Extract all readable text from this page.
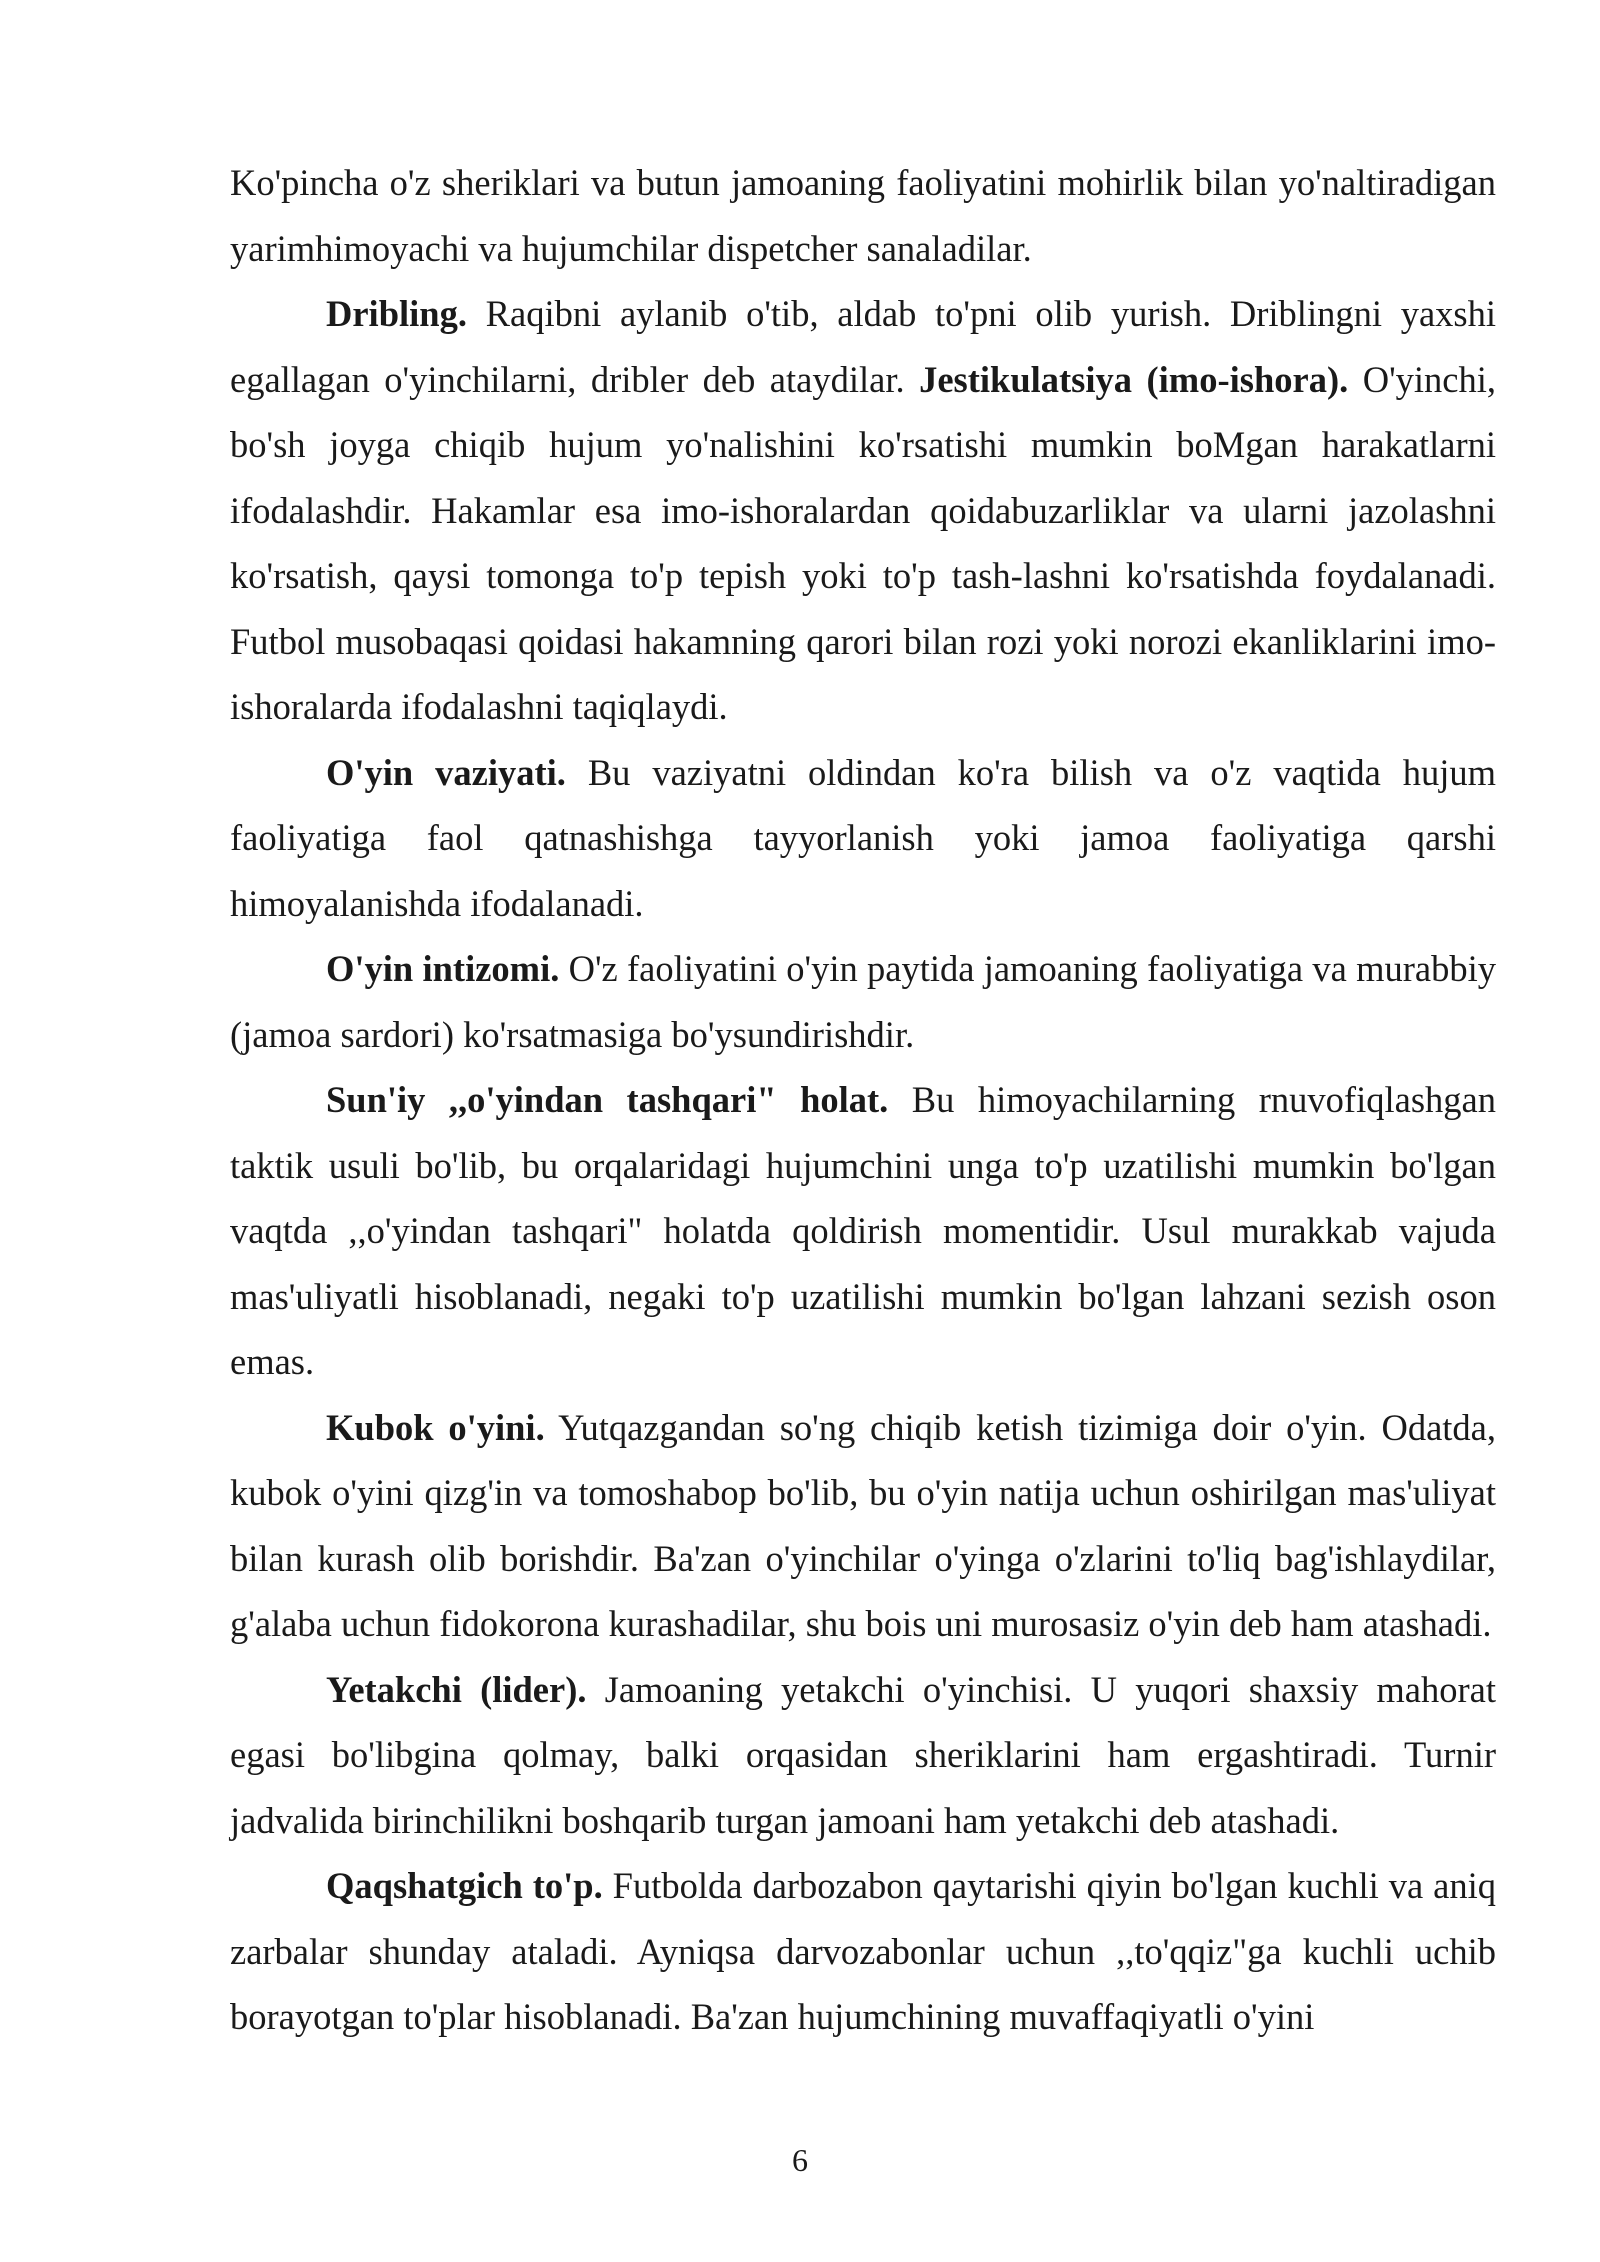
Ko'pincha o'z sheriklari va butun jamoaning faoliyatini mohirlik bilan yo'naltiradigan yarimhimoyachi va hujumchilar dispetcher sanaladilar.

Dribling. Raqibni aylanib o'tib, aldab to'pni olib yurish. Driblingni yaxshi egallagan o'yinchilarni, dribler deb ataydilar. Jestikulatsiya (imo-ishora). O'yinchi, bo'sh joyga chiqib hujum yo'nalishini ko'rsatishi mumkin boMgan harakatlarni ifodalashdir. Hakamlar esa imo-ishoralardan qoidabuzarliklar va ularni jazolashni ko'rsatish, qaysi tomonga to'p tepish yoki to'p tash-lashni ko'rsatishda foydalanadi. Futbol musobaqasi qoidasi hakamning qarori bilan rozi yoki norozi ekanliklarini imo-ishoralarda ifodalashni taqiqlaydi.

O'yin vaziyati. Bu vaziyatni oldindan ko'ra bilish va o'z vaqtida hujum faoliyatiga faol qatnashishga tayyorlanish yoki jamoa faoliyatiga qarshi himoyalanishda ifodalanadi.

O'yin intizomi. O'z faoliyatini o'yin paytida jamoaning faoliyatiga va murabbiy (jamoa sardori) ko'rsatmasiga bo'ysundirishdir.

Sun'iy ,,o'yindan tashqari" holat. Bu himoyachilarning rnuvofiqlashgan taktik usuli bo'lib, bu orqalaridagi hujumchini unga to'p uzatilishi mumkin bo'lgan vaqtda ,,o'yindan tashqari" holatda qoldirish momentidir. Usul murakkab vajuda mas'uliyatli hisoblanadi, negaki to'p uzatilishi mumkin bo'lgan lahzani sezish oson emas.

Kubok o'yini. Yutqazgandan so'ng chiqib ketish tizimiga doir o'yin. Odatda, kubok o'yini qizg'in va tomoshabop bo'lib, bu o'yin natija uchun oshirilgan mas'uliyat bilan kurash olib borishdir. Ba'zan o'yinchilar o'yinga o'zlarini to'liq bag'ishlaydilar, g'alaba uchun fidokorona kurashadilar, shu bois uni murosasiz o'yin deb ham atashadi.

Yetakchi (lider). Jamoaning yetakchi o'yinchisi. U yuqori shaxsiy mahorat egasi bo'libgina qolmay, balki orqasidan sheriklarini ham ergashtiradi. Turnir jadvalida birinchilikni boshqarib turgan jamoani ham yetakchi deb atashadi.

Qaqshatgich to'p. Futbolda darbozabon qaytarishi qiyin bo'lgan kuchli va aniq zarbalar shunday ataladi. Ayniqsa darvozabonlar uchun ,,to'qqiz"ga kuchli uchib borayotgan to'plar hisoblanadi. Ba'zan hujumchining muvaffaqiyatli o'yini

6
